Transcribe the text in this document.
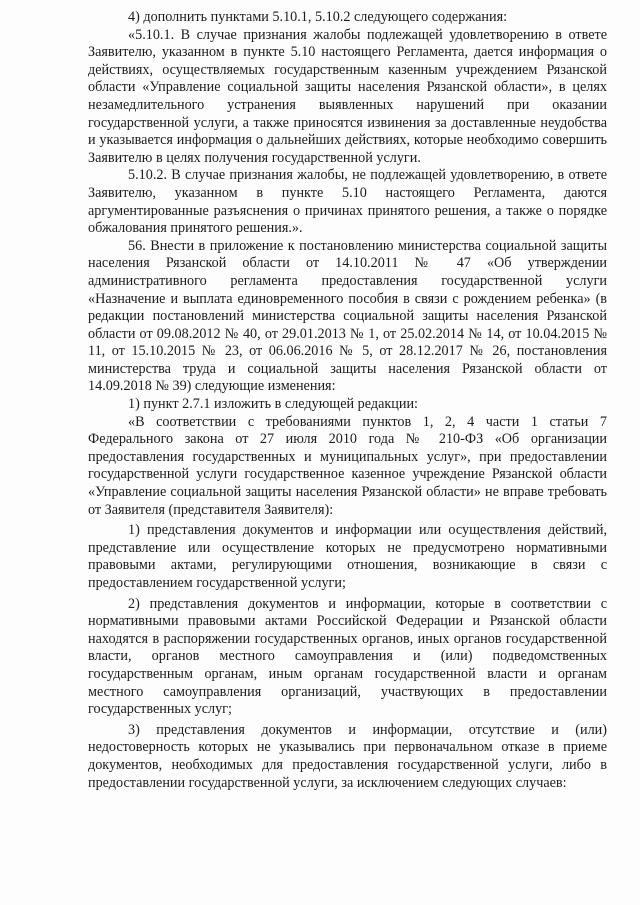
4) дополнить пунктами 5.10.1, 5.10.2 следующего содержания:

«5.10.1. В случае признания жалобы подлежащей удовлетворению в ответе Заявителю, указанном в пункте 5.10 настоящего Регламента, дается информация о действиях, осуществляемых государственным казенным учреждением Рязанской области «Управление социальной защиты населения Рязанской области», в целях незамедлительного устранения выявленных нарушений при оказании государственной услуги, а также приносятся извинения за доставленные неудобства и указывается информация о дальнейших действиях, которые необходимо совершить Заявителю в целях получения государственной услуги.

5.10.2. В случае признания жалобы, не подлежащей удовлетворению, в ответе Заявителю, указанном в пункте 5.10 настоящего Регламента, даются аргументированные разъяснения о причинах принятого решения, а также о порядке обжалования принятого решения.».

56. Внести в приложение к постановлению министерства социальной защиты населения Рязанской области от 14.10.2011 № 47 «Об утверждении административного регламента предоставления государственной услуги «Назначение и выплата единовременного пособия в связи с рождением ребенка» (в редакции постановлений министерства социальной защиты населения Рязанской области от 09.08.2012 № 40, от 29.01.2013 № 1, от 25.02.2014 № 14, от 10.04.2015 № 11, от 15.10.2015 № 23, от 06.06.2016 № 5, от 28.12.2017 № 26, постановления министерства труда и социальной защиты населения Рязанской области от 14.09.2018 № 39) следующие изменения:

1) пункт 2.7.1 изложить в следующей редакции:

«В соответствии с требованиями пунктов 1, 2, 4 части 1 статьи 7 Федерального закона от 27 июля 2010 года № 210-ФЗ «Об организации предоставления государственных и муниципальных услуг», при предоставлении государственной услуги государственное казенное учреждение Рязанской области «Управление социальной защиты населения Рязанской области» не вправе требовать от Заявителя (представителя Заявителя):

1) представления документов и информации или осуществления действий, представление или осуществление которых не предусмотрено нормативными правовыми актами, регулирующими отношения, возникающие в связи с предоставлением государственной услуги;

2) представления документов и информации, которые в соответствии с нормативными правовыми актами Российской Федерации и Рязанской области находятся в распоряжении государственных органов, иных органов государственной власти, органов местного самоуправления и (или) подведомственных государственным органам, иным органам государственной власти и органам местного самоуправления организаций, участвующих в предоставлении государственных услуг;

3) представления документов и информации, отсутствие и (или) недостоверность которых не указывались при первоначальном отказе в приеме документов, необходимых для предоставления государственной услуги, либо в предоставлении государственной услуги, за исключением следующих случаев:
